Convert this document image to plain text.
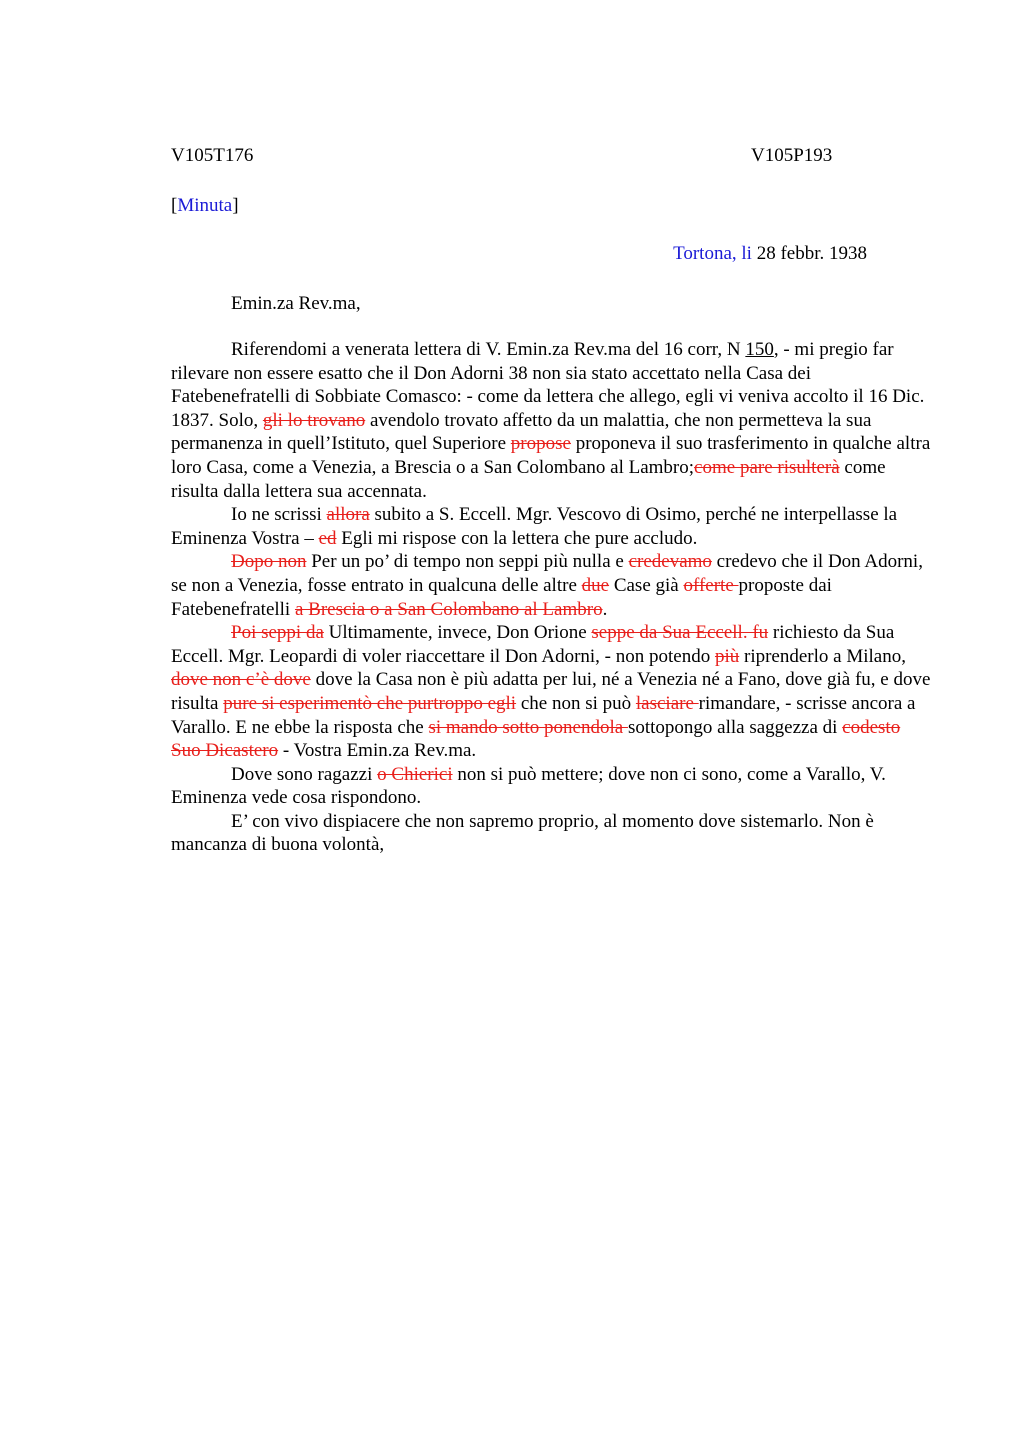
V105T176	V105P193
[Minuta]
Tortona, li 28 febbr. 1938
Emin.za Rev.ma,

Riferendomi a venerata lettera di V. Emin.za Rev.ma del 16 corr, N 150, - mi pregio far rilevare non essere esatto che il Don Adorni 38 non sia stato accettato nella Casa dei Fatebenefratelli di Sobbiate Comasco: - come da lettera che allego, egli vi veniva accolto il 16 Dic. 1837. Solo, gli lo trovano avendolo trovato affetto da un malattia, che non permetteva la sua permanenza in quell’Istituto, quel Superiore propose proponeva il suo trasferimento in qualche altra loro Casa, come a Venezia, a Brescia o a San Colombano al Lambro;come pare risulterà come risulta dalla lettera sua accennata.

Io ne scrissi allora subito a S. Eccell. Mgr. Vescovo di Osimo, perché ne interpellasse la Eminenza Vostra – ed Egli mi rispose con la lettera che pure accludo.

Dopo non Per un po’ di tempo non seppi più nulla e credevamo credevo che il Don Adorni, se non a Venezia, fosse entrato in qualcuna delle altre due Case già offerte proposte dai Fatebenefratelli a Brescia o a San Colombano al Lambro.

Poi seppi da Ultimamente, invece, Don Orione seppe da Sua Eccell. fu richiesto da Sua Eccell. Mgr. Leopardi di voler riaccettare il Don Adorni, - non potendo più riprenderlo a Milano, dove non c’è dove dove la Casa non è più adatta per lui, né a Venezia né a Fano, dove già fu, e dove risulta pure si esperimentò che purtroppo egli che non si può lasciare rimandare, - scrisse ancora a Varallo. E ne ebbe la risposta che si mando sotto ponendola sottopongo alla saggezza di codesto Suo Dicastero - Vostra Emin.za Rev.ma.

Dove sono ragazzi o Chierici non si può mettere; dove non ci sono, come a Varallo, V. Eminenza vede cosa rispondono.

E’ con vivo dispiacere che non sapremo proprio, al momento dove sistemarlo. Non è mancanza di buona volontà,
